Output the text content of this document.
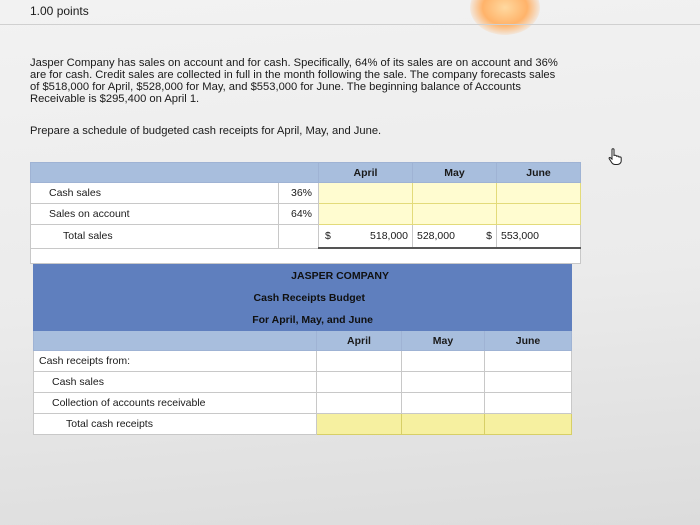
1.00 points
Jasper Company has sales on account and for cash. Specifically, 64% of its sales are on account and 36%
are for cash. Credit sales are collected in full in the month following the sale. The company forecasts sales
of $518,000 for April, $528,000 for May, and $553,000 for June. The beginning balance of Accounts
Receivable is $295,400 on April 1.
Prepare a schedule of budgeted cash receipts for April, May, and June.
		April	May	June
Cash sales	36%			
Sales on account	64%			
Total sales		$ 518,000	528,000 $	553,000

JASPER COMPANY			
Cash Receipts Budget			
For April, May, and June			
	April	May	June
Cash receipts from:			
Cash sales			
Collection of accounts receivable			
Total cash receipts			
